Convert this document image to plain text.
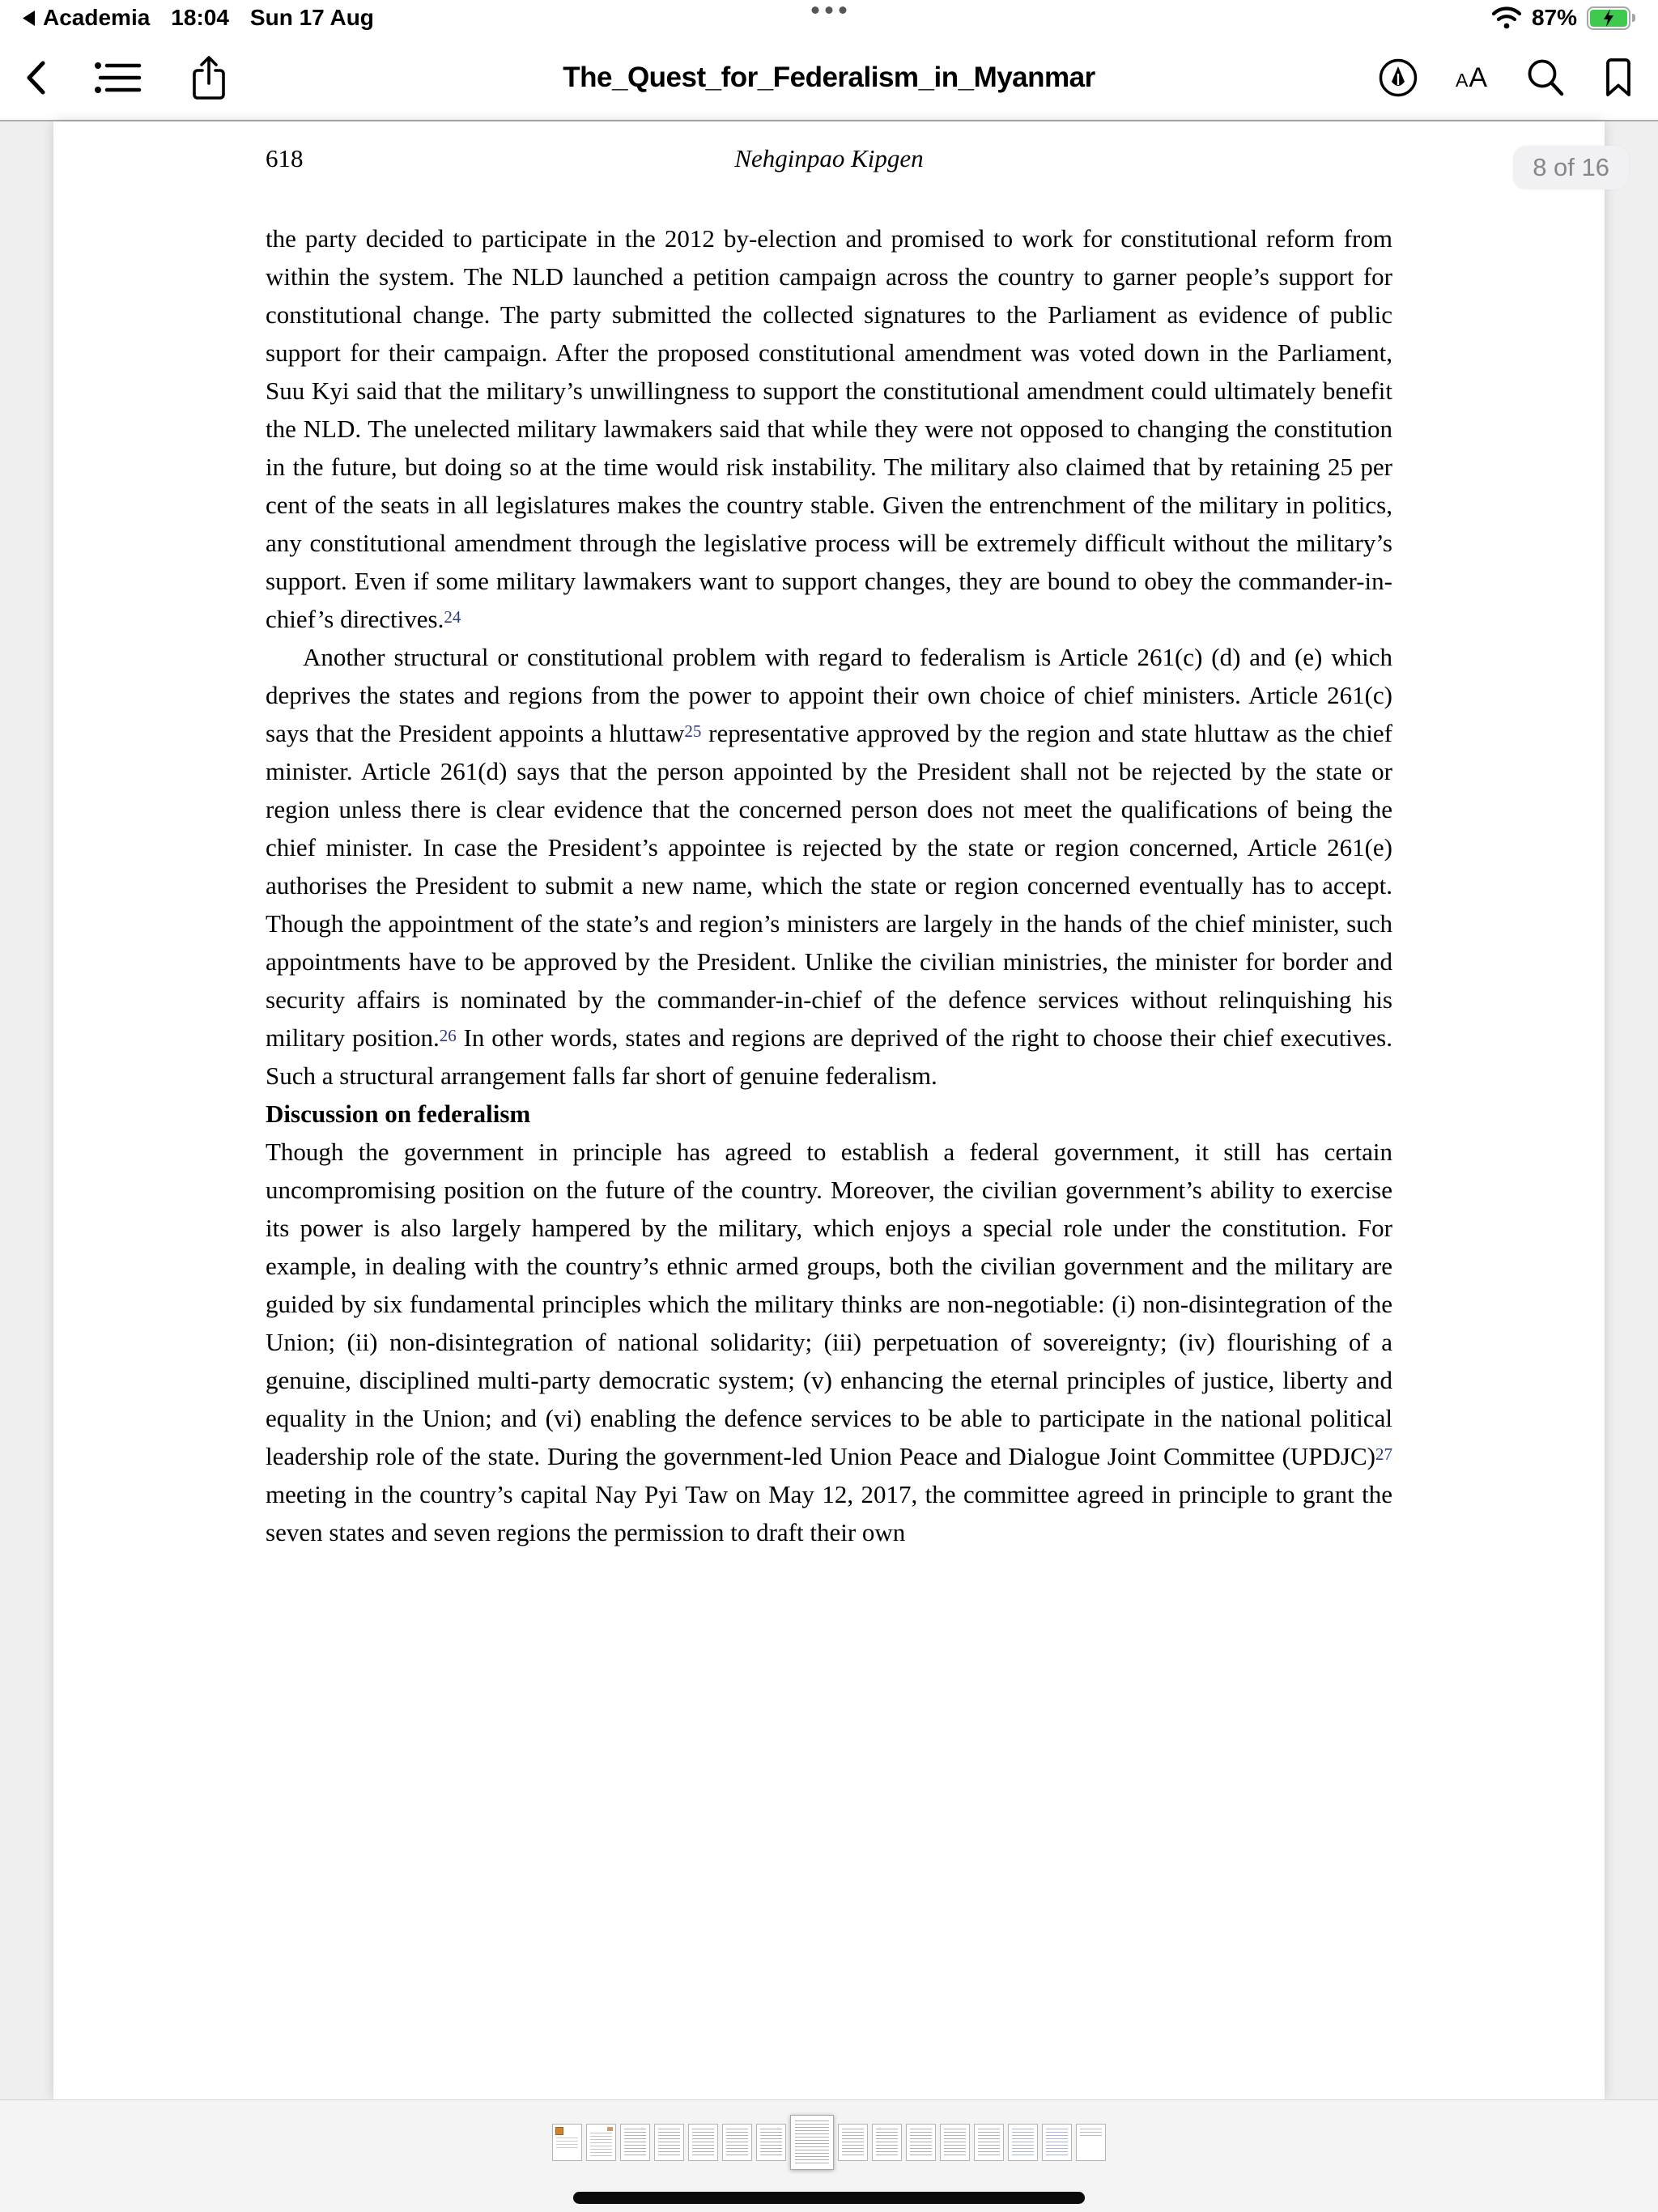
Academia 18:04 Sun 17 Aug	87%
The_Quest_for_Federalism_in_Myanmar	A A
8 of 16
618	Nehginpao Kipgen

the party decided to participate in the 2012 by-election and promised to work for constitutional reform from within the system. The NLD launched a petition campaign across the country to garner people’s support for constitutional change. The party submitted the collected signatures to the Parliament as evidence of public support for their campaign. After the proposed constitutional amendment was voted down in the Parliament, Suu Kyi said that the military’s unwillingness to support the constitutional amendment could ultimately benefit the NLD. The unelected military lawmakers said that while they were not opposed to changing the constitution in the future, but doing so at the time would risk instability. The military also claimed that by retaining 25 per cent of the seats in all legislatures makes the country stable. Given the entrenchment of the military in politics, any constitutional amendment through the legislative process will be extremely difficult without the military’s support. Even if some military lawmakers want to support changes, they are bound to obey the commander-in-chief’s directives.$^{24}$

Another structural or constitutional problem with regard to federalism is Article 261(c) (d) and (e) which deprives the states and regions from the power to appoint their own choice of chief ministers. Article 261(c) says that the President appoints a hluttaw$^{25}$ representative approved by the region and state hluttaw as the chief minister. Article 261(d) says that the person appointed by the President shall not be rejected by the state or region unless there is clear evidence that the concerned person does not meet the qualifications of being the chief minister. In case the President’s appointee is rejected by the state or region concerned, Article 261(e) authorises the President to submit a new name, which the state or region concerned eventually has to accept. Though the appointment of the state’s and region’s ministers are largely in the hands of the chief minister, such appointments have to be approved by the President. Unlike the civilian ministries, the minister for border and security affairs is nominated by the commander-in-chief of the defence services without relinquishing his military position.$^{26}$ In other words, states and regions are deprived of the right to choose their chief executives. Such a structural arrangement falls far short of genuine federalism.

Discussion on federalism

Though the government in principle has agreed to establish a federal government, it still has certain uncompromising position on the future of the country. Moreover, the civilian government’s ability to exercise its power is also largely hampered by the military, which enjoys a special role under the constitution. For example, in dealing with the country’s ethnic armed groups, both the civilian government and the military are guided by six fundamental principles which the military thinks are non-negotiable: (i) non-disintegration of the Union; (ii) non-disintegration of national solidarity; (iii) perpetuation of sovereignty; (iv) flourishing of a genuine, disciplined multi-party democratic system; (v) enhancing the eternal principles of justice, liberty and equality in the Union; and (vi) enabling the defence services to be able to participate in the national political leadership role of the state. During the government-led Union Peace and Dialogue Joint Committee (UPDJC)$^{27}$ meeting in the country’s capital Nay Pyi Taw on May 12, 2017, the committee agreed in principle to grant the seven states and seven regions the permission to draft their own
